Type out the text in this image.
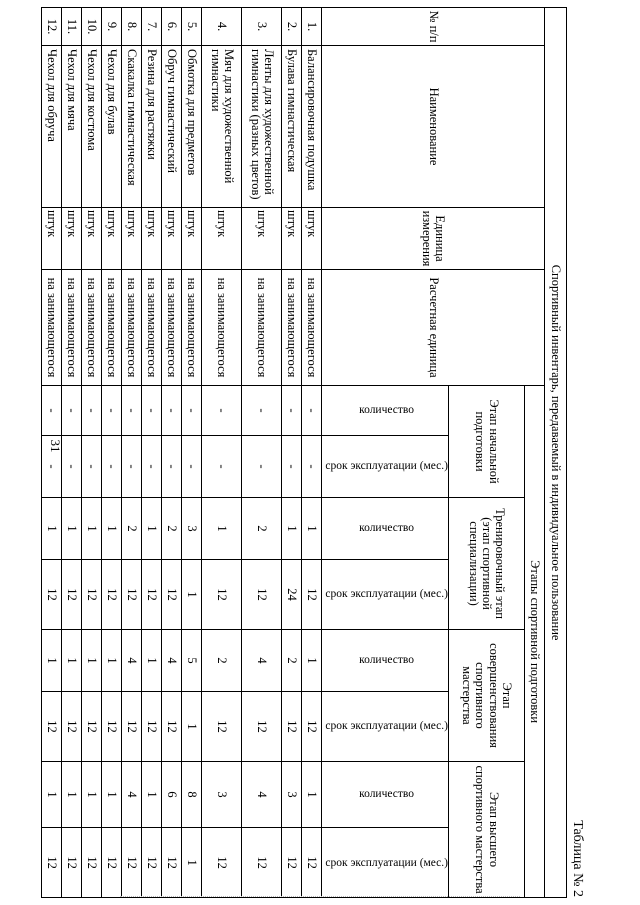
31
Таблица № 2
Спортивный инвентарь, передаваемый в индивидуальное пользование											
№ п/п	Наименование	Единица измерения	Расчетная единица	Этапы спортивной подготовки							
				Этап начальной подготовки		Тренировочный этап (этап спортивной специализации)		Этап совершенствования спортивного мастерства		Этап высшего спортивного мастерства	
				количество	срок эксплуатации (мес.)	количество	срок эксплуатации (мес.)	количество	срок эксплуатации (мес.)	количество	срок эксплуатации (мес.)
1.	Балансировочная подушка	штук	на занимающегося	-	-	1	12	1	12	1	12
2.	Булава гимнастическая	штук	на занимающегося	-	-	1	24	2	12	3	12
3.	Ленты для художественной гимнастики (разных цветов)	штук	на занимающегося	-	-	2	12	4	12	4	12
4.	Мяч для художественной гимнастики	штук	на занимающегося	-	-	1	12	2	12	3	12
5.	Обмотка для предметов	штук	на занимающегося	-	-	3	1	5	1	8	1
6.	Обруч гимнастический	штук	на занимающегося	-	-	2	12	4	12	6	12
7.	Резина для растяжки	штук	на занимающегося	-	-	1	12	1	12	1	12
8.	Скакалка гимнастическая	штук	на занимающегося	-	-	2	12	4	12	4	12
9.	Чехол для булав	штук	на занимающегося	-	-	1	12	1	12	1	12
10.	Чехол для костюма	штук	на занимающегося	-	-	1	12	1	12	1	12
11.	Чехол для мяча	штук	на занимающегося	-	-	1	12	1	12	1	12
12.	Чехол для обруча	штук	на занимающегося	-	-	1	12	1	12	1	12
